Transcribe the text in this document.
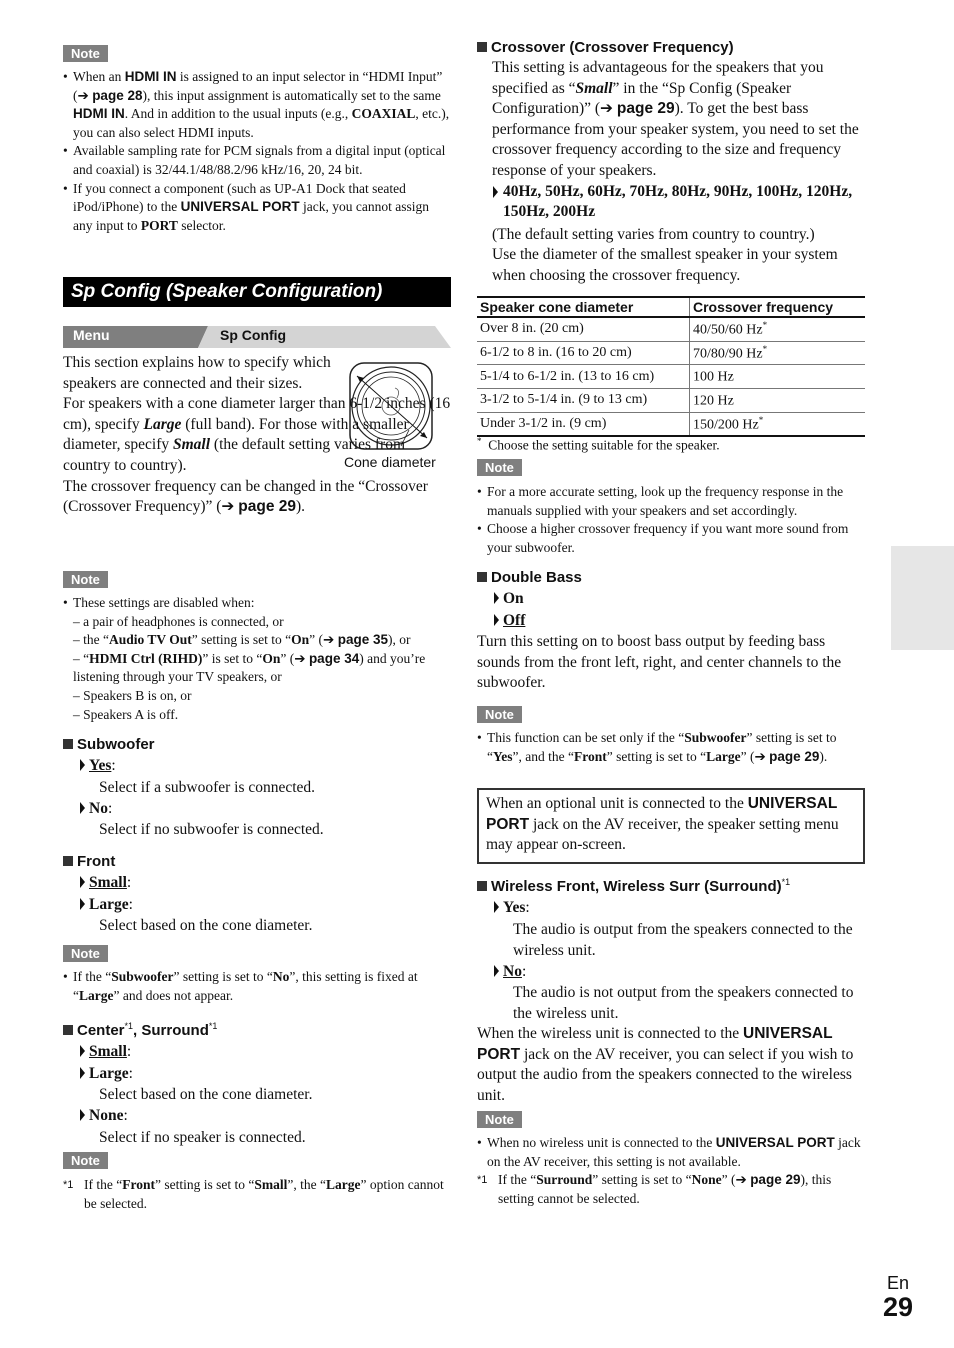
Note
• When an HDMI IN is assigned to an input selector in “HDMI Input” (➔ page 28), this input assignment is automatically set to the same HDMI IN. And in addition to the usual inputs (e.g., COAXIAL, etc.), you can also select HDMI inputs.
• Available sampling rate for PCM signals from a digital input (optical and coaxial) is 32/44.1/48/88.2/96 kHz/16, 20, 24 bit.
• If you connect a component (such as UP-A1 Dock that seated iPod/iPhone) to the UNIVERSAL PORT jack, you cannot assign any input to PORT selector.
Sp Config (Speaker Configuration)
Menu	Sp Config
Cone diameter

This section explains how to specify which speakers are connected and their sizes.

For speakers with a cone diameter larger than 6-1/2 inches (16 cm), specify Large (full band). For those with a smaller diameter, specify Small (the default setting varies from country to country).

The crossover frequency can be changed in the “Crossover (Crossover Frequency)” (➔ page 29).

Note
• These settings are disabled when:
– a pair of headphones is connected, or
– the “Audio TV Out” setting is set to “On” (➔ page 35), or
– “HDMI Ctrl (RIHD)” is set to “On” (➔ page 34) and you’re listening through your TV speakers, or
– Speakers B is on, or
– Speakers A is off.
Subwoofer
Yes:
Select if a subwoofer is connected.
No:
Select if no subwoofer is connected.
Front
Small:
Large:
Select based on the cone diameter.
Note
• If the “Subwoofer” setting is set to “No”, this setting is fixed at “Large” and does not appear.
Center$^{*1}$, Surround$^{*1}$
Small:
Large:
Select based on the cone diameter.
None:
Select if no speaker is connected.
Note
*1 If the “Front” setting is set to “Small”, the “Large” option cannot be selected.
Crossover (Crossover Frequency)
This setting is advantageous for the speakers that you specified as “Small” in the “Sp Config (Speaker Configuration)” (➔ page 29). To get the best bass performance from your speaker system, you need to set the crossover frequency according to the size and frequency response of your speakers.
40Hz, 50Hz, 60Hz, 70Hz, 80Hz, 90Hz, 100Hz, 120Hz, 150Hz, 200Hz
(The default setting varies from country to country.)
Use the diameter of the smallest speaker in your system when choosing the crossover frequency.
Speaker cone diameter	Crossover frequency
Over 8 in. (20 cm)	40/50/60 Hz*
6-1/2 to 8 in. (16 to 20 cm)	70/80/90 Hz*
5-1/4 to 6-1/2 in. (13 to 16 cm)	100 Hz
3-1/2 to 5-1/4 in. (9 to 13 cm)	120 Hz
Under 3-1/2 in. (9 cm)	150/200 Hz*
* Choose the setting suitable for the speaker.
Note
• For a more accurate setting, look up the frequency response in the manuals supplied with your speakers and set accordingly.
• Choose a higher crossover frequency if you want more sound from your subwoofer.
Double Bass
On
Off
Turn this setting on to boost bass output by feeding bass sounds from the front left, right, and center channels to the subwoofer.
Note
• This function can be set only if the “Subwoofer” setting is set to “Yes”, and the “Front” setting is set to “Large” (➔ page 29).

When an optional unit is connected to the UNIVERSAL PORT jack on the AV receiver, the speaker setting menu may appear on-screen.

Wireless Front, Wireless Surr (Surround)$^{*1}$
Yes:
The audio is output from the speakers connected to the wireless unit.
No:
The audio is not output from the speakers connected to the wireless unit.
When the wireless unit is connected to the UNIVERSAL PORT jack on the AV receiver, you can select if you wish to output the audio from the speakers connected to the wireless unit.
Note
• When no wireless unit is connected to the UNIVERSAL PORT jack on the AV receiver, this setting is not available.
*1 If the “Surround” setting is set to “None” (➔ page 29), this setting cannot be selected.
En
29
